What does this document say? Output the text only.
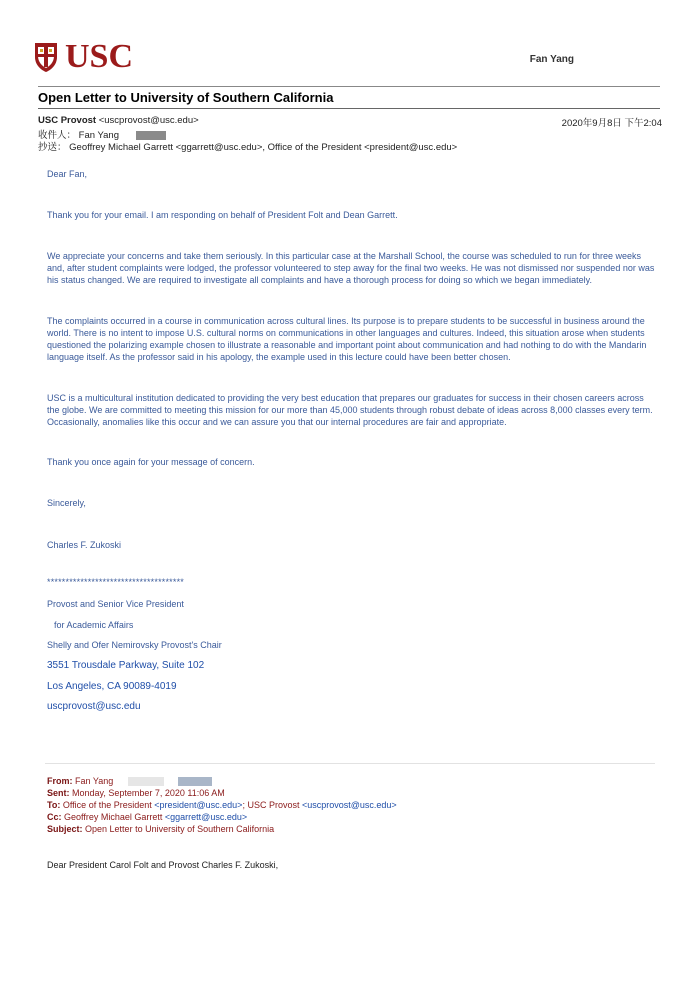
USC	Fan Yang
Open Letter to University of Southern California
USC Provost <uscprovost@usc.edu>	2020年9月8日 下午2:04
收件人： Fan Yang
抄送： Geoffrey Michael Garrett <ggarrett@usc.edu>, Office of the President <president@usc.edu>
Dear Fan,
Thank you for your email. I am responding on behalf of President Folt and Dean Garrett.
We appreciate your concerns and take them seriously. In this particular case at the Marshall School, the course was scheduled to run for three weeks and, after student complaints were lodged, the professor volunteered to step away for the final two weeks. He was not dismissed nor suspended nor was his status changed. We are required to investigate all complaints and have a thorough process for doing so which we began immediately.
The complaints occurred in a course in communication across cultural lines. Its purpose is to prepare students to be successful in business around the world. There is no intent to impose U.S. cultural norms on communications in other languages and cultures. Indeed, this situation arose when students questioned the polarizing example chosen to illustrate a reasonable and important point about communication and had nothing to do with the Mandarin language itself. As the professor said in his apology, the example used in this lecture could have been better chosen.
USC is a multicultural institution dedicated to providing the very best education that prepares our graduates for success in their chosen careers across the globe. We are committed to meeting this mission for our more than 45,000 students through robust debate of ideas across 8,000 classes every term. Occasionally, anomalies like this occur and we can assure you that our internal procedures are fair and appropriate.
Thank you once again for your message of concern.
Sincerely,
Charles F. Zukoski
*************************************
Provost and Senior Vice President
for Academic Affairs
Shelly and Ofer Nemirovsky Provost's Chair
3551 Trousdale Parkway, Suite 102
Los Angeles, CA 90089-4019
uscprovost@usc.edu
From: Fan Yang
Sent: Monday, September 7, 2020 11:06 AM
To: Office of the President <president@usc.edu>; USC Provost <uscprovost@usc.edu>
Cc: Geoffrey Michael Garrett <ggarrett@usc.edu>
Subject: Open Letter to University of Southern California
Dear President Carol Folt and Provost Charles F. Zukoski,
